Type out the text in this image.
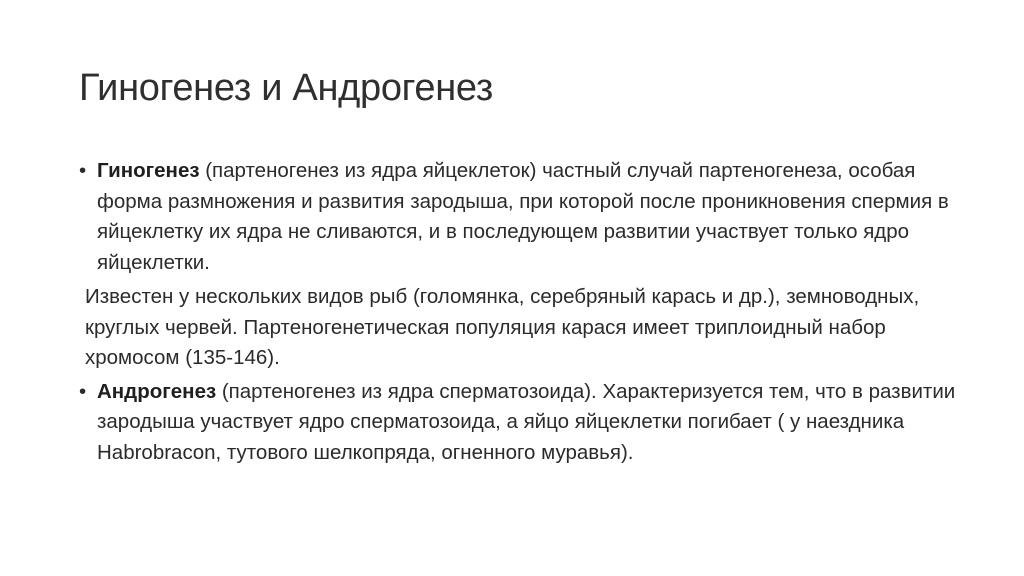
Гиногенез и Андрогенез

• Гиногенез (партеногенез из ядра яйцеклеток) частный случай партеногенеза, особая форма размножения и развития зародыша, при которой после проникновения спермия в яйцеклетку их ядра не сливаются, и в последующем развитии участвует только ядро яйцеклетки.

Известен у нескольких видов рыб (голомянка, серебряный карась и др.), земноводных, круглых червей. Партеногенетическая популяция карася имеет триплоидный набор хромосом (135-146).

• Андрогенез (партеногенез из ядра сперматозоида). Характеризуется тем, что в развитии зародыша участвует ядро сперматозоида, а яйцо яйцеклетки погибает ( у наездника Habrobracon, тутового шелкопряда, огненного муравья).
